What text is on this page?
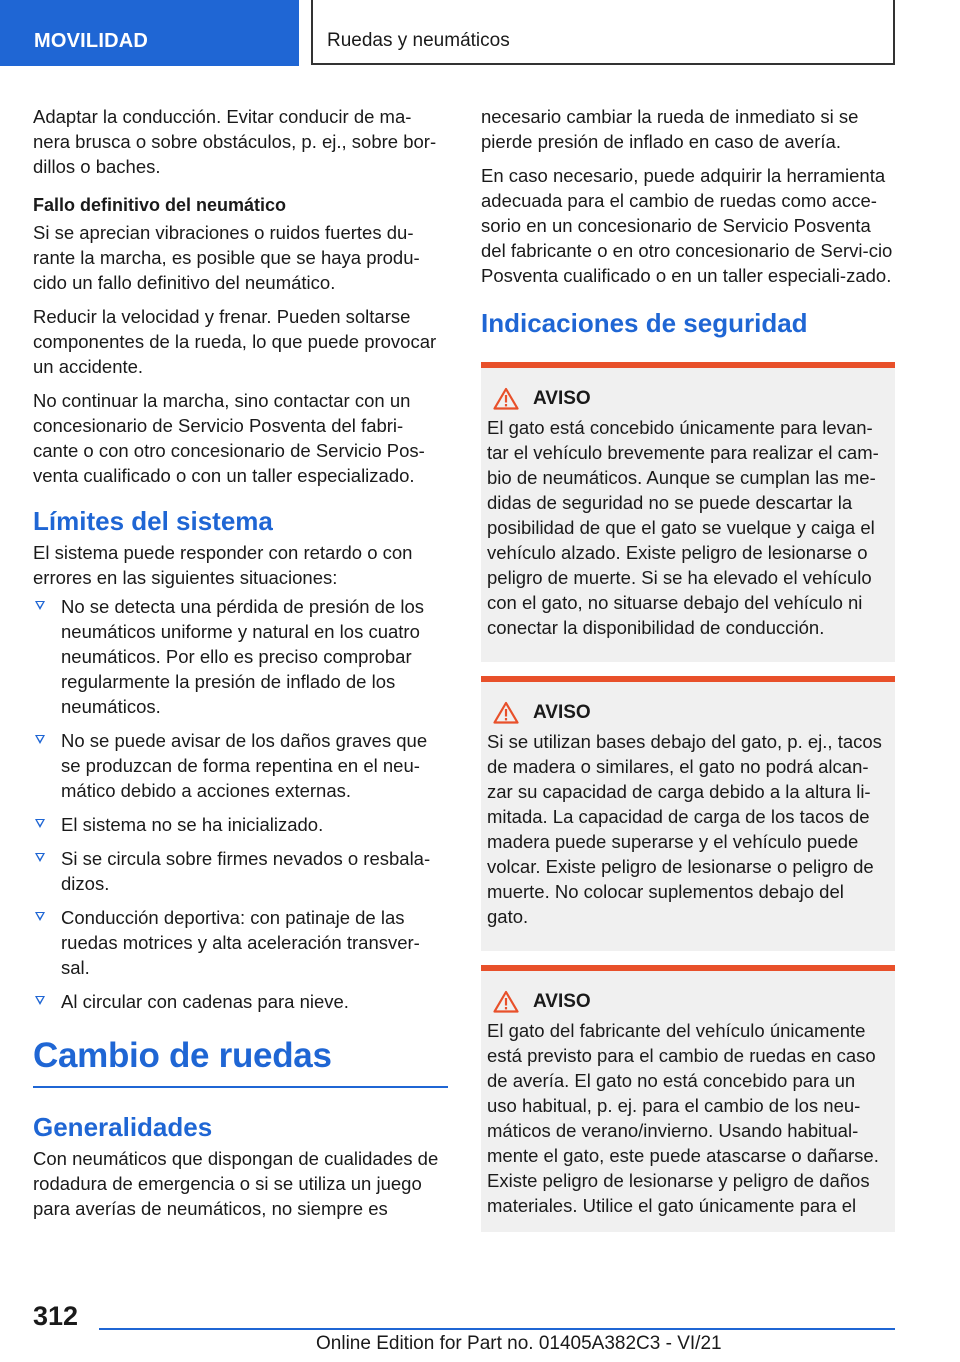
MOVILIDAD	Ruedas y neumáticos

Adaptar la conducción. Evitar conducir de ma-nera brusca o sobre obstáculos, p. ej., sobre bor-dillos o baches.

Fallo definitivo del neumático

Si se aprecian vibraciones o ruidos fuertes du-rante la marcha, es posible que se haya produ-cido un fallo definitivo del neumático.

Reducir la velocidad y frenar. Pueden soltarse componentes de la rueda, lo que puede provocar un accidente.

No continuar la marcha, sino contactar con un concesionario de Servicio Posventa del fabri-cante o con otro concesionario de Servicio Pos-venta cualificado o con un taller especializado.

Límites del sistema

El sistema puede responder con retardo o con errores en las siguientes situaciones:

No se detecta una pérdida de presión de los neumáticos uniforme y natural en los cuatro neumáticos. Por ello es preciso comprobar regularmente la presión de inflado de los neumáticos.
No se puede avisar de los daños graves que se produzcan de forma repentina en el neu-mático debido a acciones externas.
El sistema no se ha inicializado.
Si se circula sobre firmes nevados o resbala-dizos.
Conducción deportiva: con patinaje de las ruedas motrices y alta aceleración transver-sal.
Al circular con cadenas para nieve.
Cambio de ruedas
Generalidades

Con neumáticos que dispongan de cualidades de rodadura de emergencia o si se utiliza un juego para averías de neumáticos, no siempre es

necesario cambiar la rueda de inmediato si se pierde presión de inflado en caso de avería.

En caso necesario, puede adquirir la herramienta adecuada para el cambio de ruedas como acce-sorio en un concesionario de Servicio Posventa del fabricante o en otro concesionario de Servi-cio Posventa cualificado o en un taller especiali-zado.

Indicaciones de seguridad
AVISO

El gato está concebido únicamente para levan-tar el vehículo brevemente para realizar el cam-bio de neumáticos. Aunque se cumplan las me-didas de seguridad no se puede descartar la posibilidad de que el gato se vuelque y caiga el vehículo alzado. Existe peligro de lesionarse o peligro de muerte. Si se ha elevado el vehículo con el gato, no situarse debajo del vehículo ni conectar la disponibilidad de conducción.

AVISO

Si se utilizan bases debajo del gato, p. ej., tacos de madera o similares, el gato no podrá alcan-zar su capacidad de carga debido a la altura li-mitada. La capacidad de carga de los tacos de madera puede superarse y el vehículo puede volcar. Existe peligro de lesionarse o peligro de muerte. No colocar suplementos debajo del gato.

AVISO

El gato del fabricante del vehículo únicamente está previsto para el cambio de ruedas en caso de avería. El gato no está concebido para un uso habitual, p. ej. para el cambio de los neu-máticos de verano/invierno. Usando habitual-mente el gato, este puede atascarse o dañarse. Existe peligro de lesionarse y peligro de daños materiales. Utilice el gato únicamente para el

312
Online Edition for Part no. 01405A382C3 - VI/21
